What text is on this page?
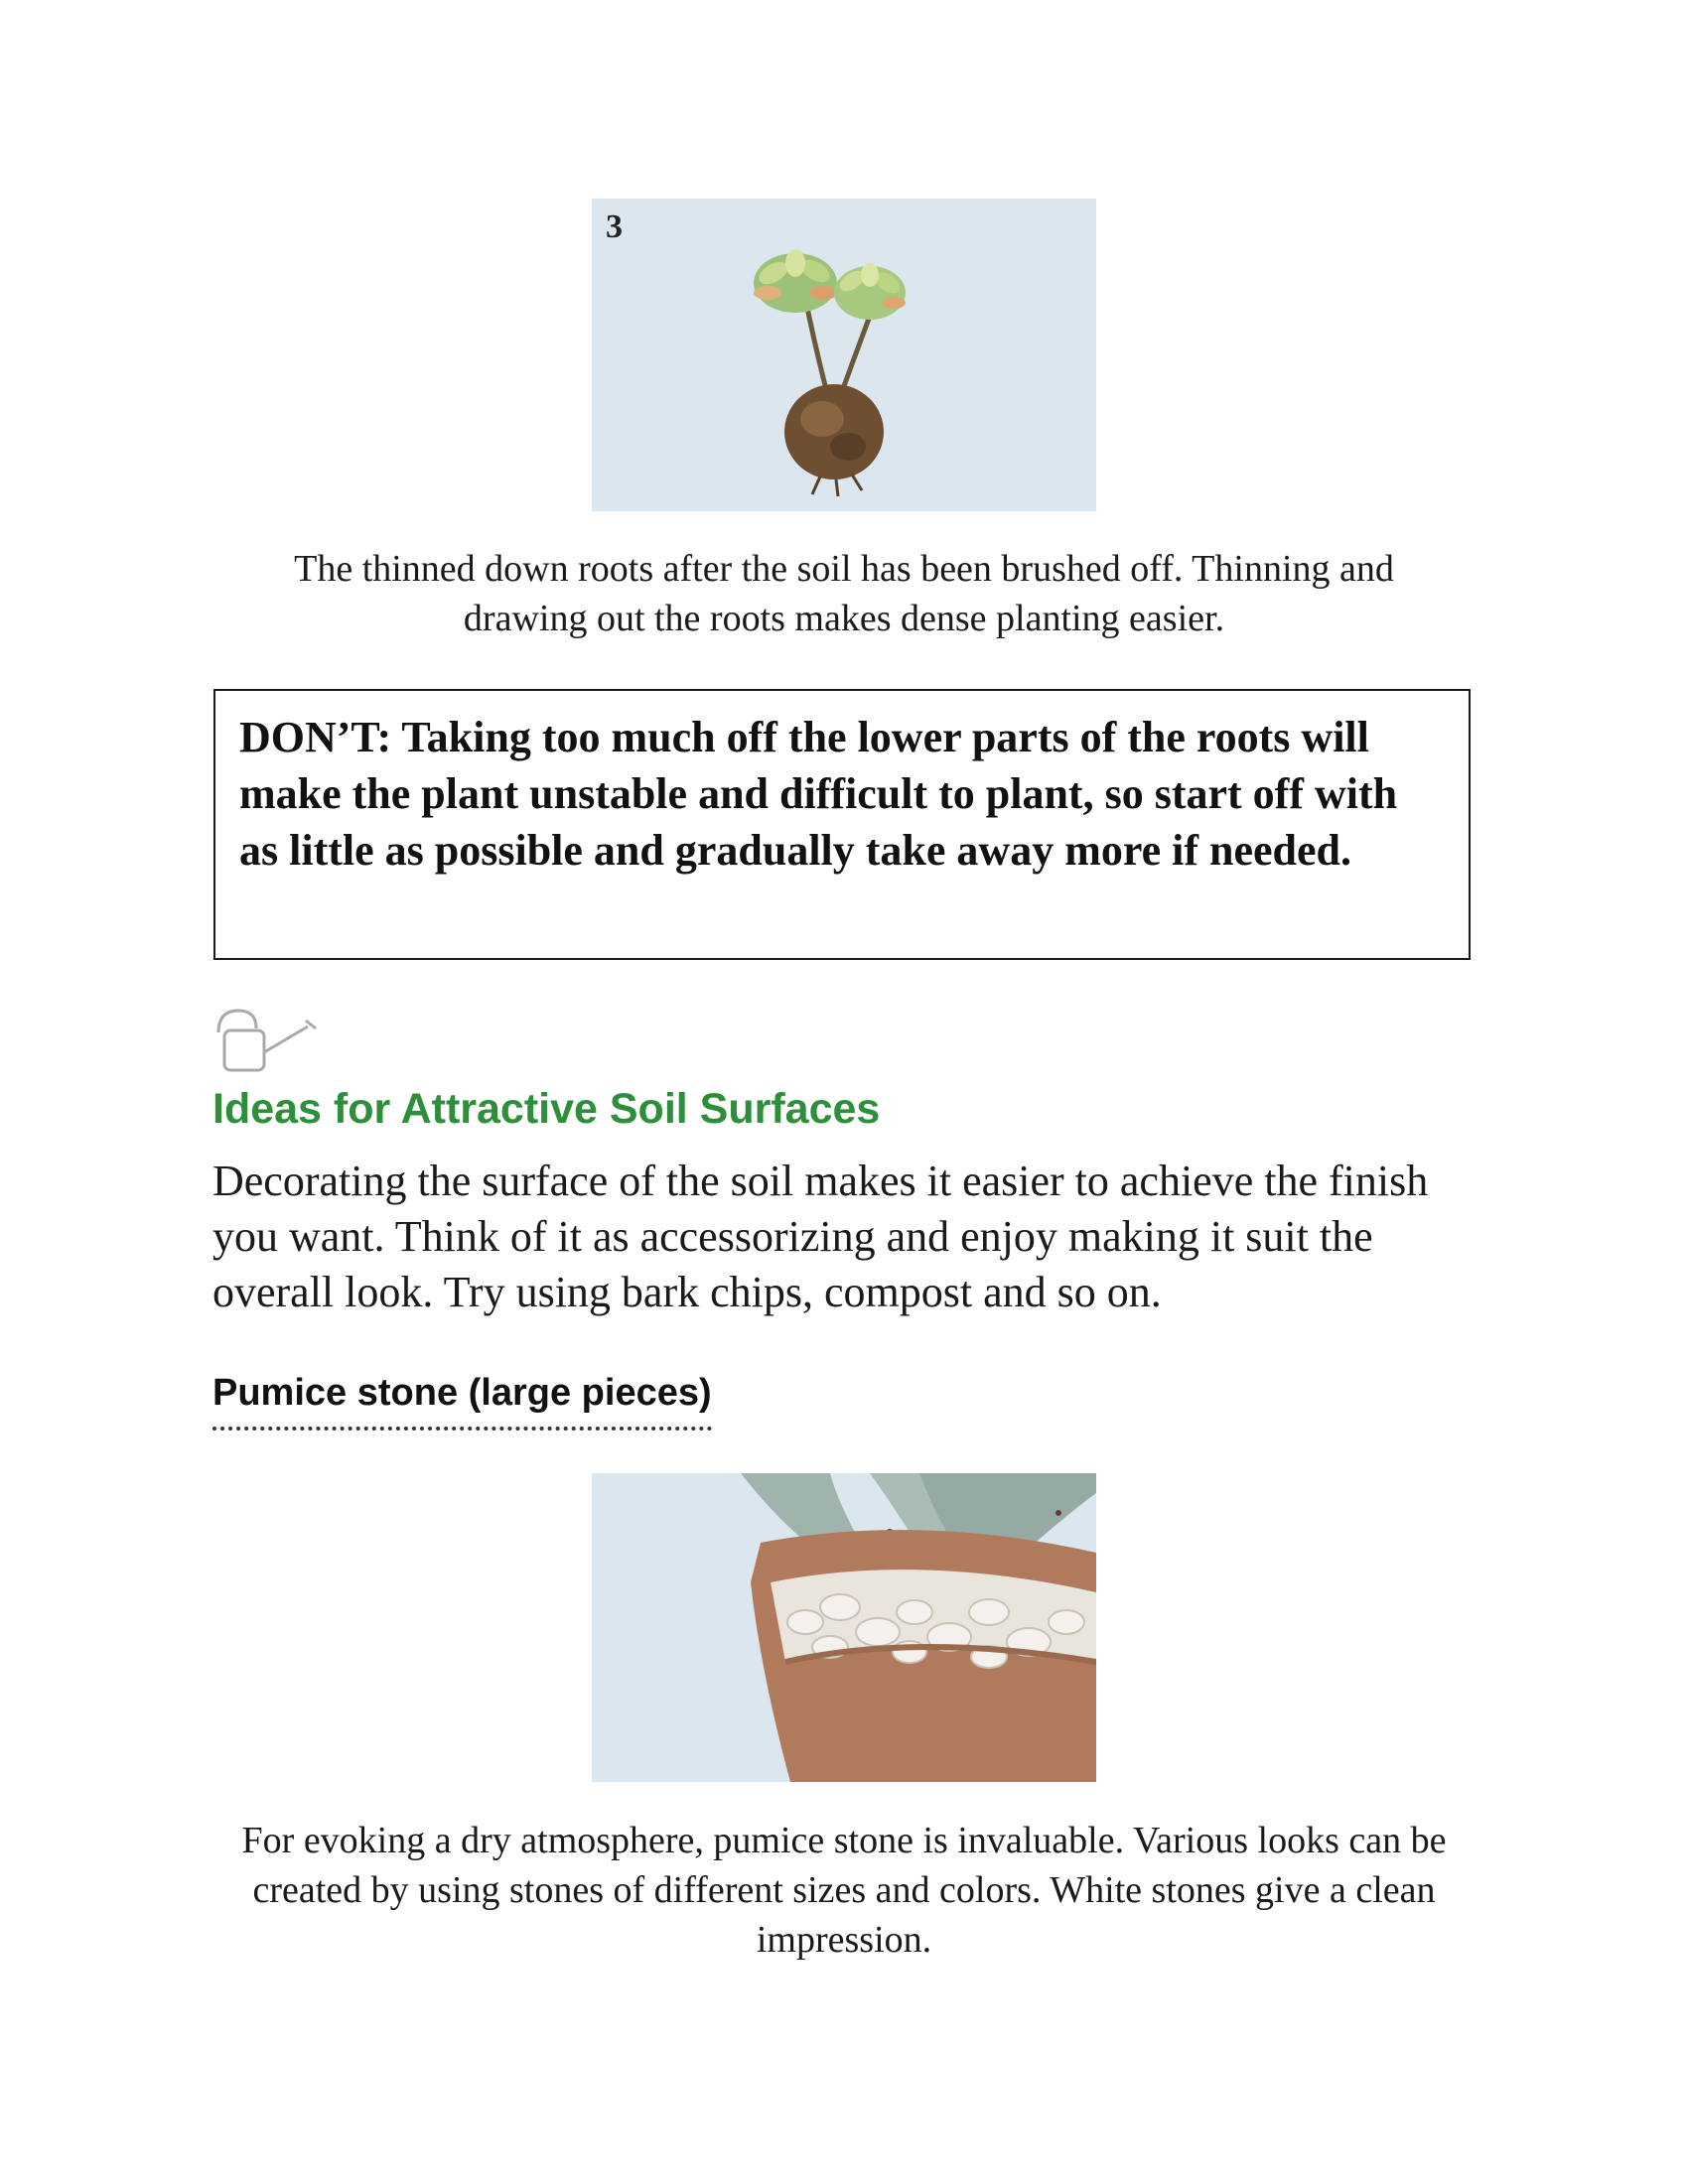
3
The thinned down roots after the soil has been brushed off. Thinning and drawing out the roots makes dense planting easier.
DON’T: Taking too much off the lower parts of the roots will make the plant unstable and difficult to plant, so start off with as little as possible and gradually take away more if needed.
Ideas for Attractive Soil Surfaces
Decorating the surface of the soil makes it easier to achieve the finish you want. Think of it as accessorizing and enjoy making it suit the overall look. Try using bark chips, compost and so on.
Pumice stone (large pieces)
For evoking a dry atmosphere, pumice stone is invaluable. Various looks can be created by using stones of different sizes and colors. White stones give a clean impression.
